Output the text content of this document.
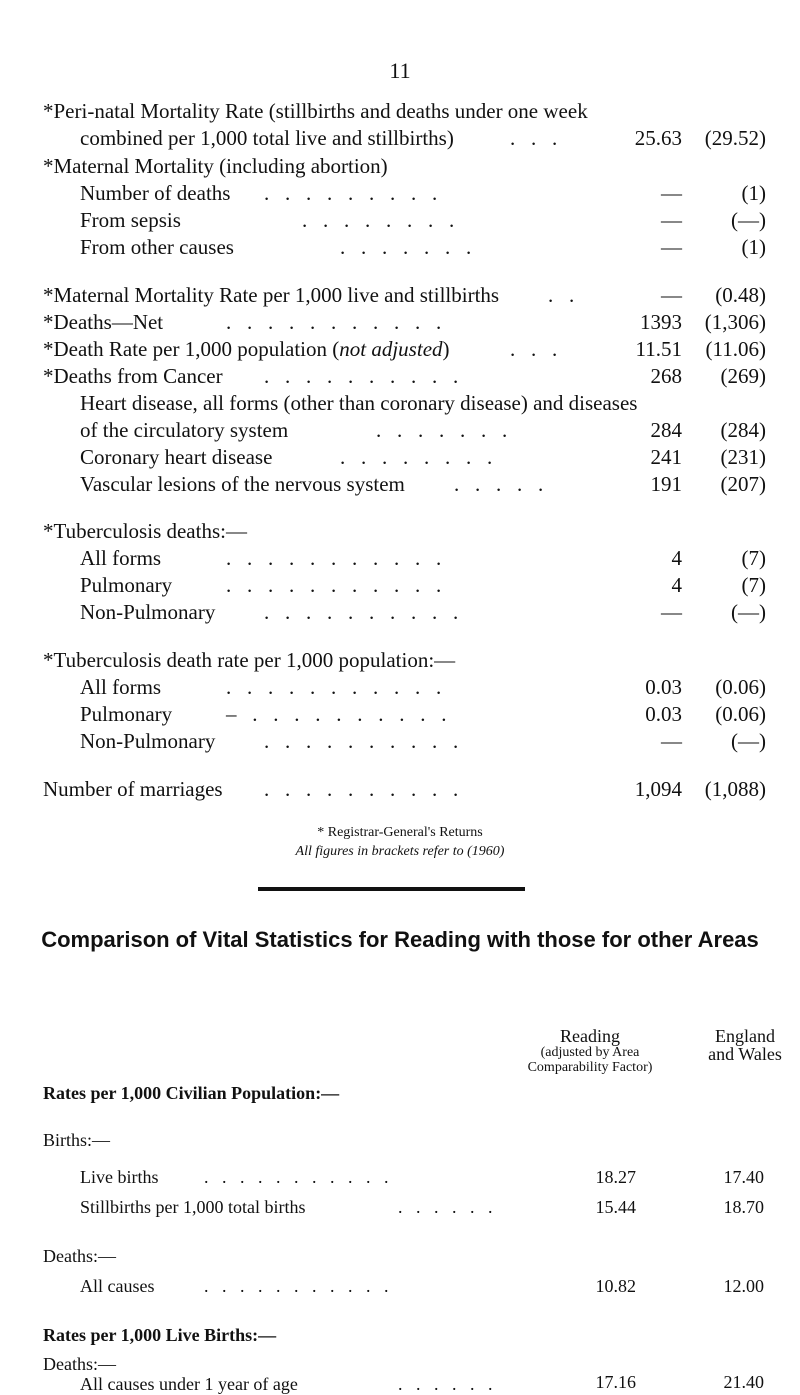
11
*Peri-natal Mortality Rate (stillbirths and deaths under one week
combined per 1,000 total live and stillbirths)	.   .   .	25.63	(29.52)
*Maternal Mortality (including abortion)
Number of deaths .   .   .   .   .   .   .   .   .	—	(1)
From sepsis	.   .   .   .   .   .   .   .	—	(—)
From other causes	.   .   .   .   .   .   .	—	(1)
*Maternal Mortality Rate per 1,000 live and stillbirths .   .	—	(0.48)
*Deaths—Net	.   .   .   .   .   .   .   .   .   .   .	1393	(1,306)
*Death Rate per 1,000 population (not adjusted)	.   .   .	11.51	(11.06)
*Deaths from Cancer .   .   .   .   .   .   .   .   .   .	268	(269)
Heart disease, all forms (other than coronary disease) and diseases
of the circulatory system	.   .   .   .   .   .   .	284	(284)
Coronary heart disease	.   .   .   .   .   .   .   .	241	(231)
Vascular lesions of the nervous system .   .   .   .   .	191	(207)
*Tuberculosis deaths:—
All forms	.   .   .   .   .   .   .   .   .   .   .	4	(7)
Pulmonary	.   .   .   .   .   .   .   .   .   .   .	4	(7)
Non-Pulmonary .   .   .   .   .   .   .   .   .   .	—	(—)
*Tuberculosis death rate per 1,000 population:—
All forms	.   .   .   .   .   .   .   .   .   .   .	0.03	(0.06)
Pulmonary	–   .   .   .   .   .   .   .   .   .   .	0.03	(0.06)
Non-Pulmonary .   .   .   .   .   .   .   .   .   .	—	(—)
Number of marriages .   .   .   .   .   .   .   .   .   .	1,094	(1,088)
* Registrar-General's Returns
All figures in brackets refer to (1960)
Comparison of Vital Statistics for Reading with those for other Areas
Reading
(adjusted by Area
Comparability Factor)
England
and Wales
Rates per 1,000 Civilian Population:—
Births:—
Live births	.   .   .   .   .   .   .   .   .   .   .	18.27	17.40
Stillbirths per 1,000 total births	.   .   .   .   .   .	15.44	18.70
Deaths:—
All causes	.   .   .   .   .   .   .   .   .   .   .	10.82	12.00
Rates per 1,000 Live Births:—
Deaths:—
All causes under 1 year of age	.   .   .   .   .   .	17.16	21.40
